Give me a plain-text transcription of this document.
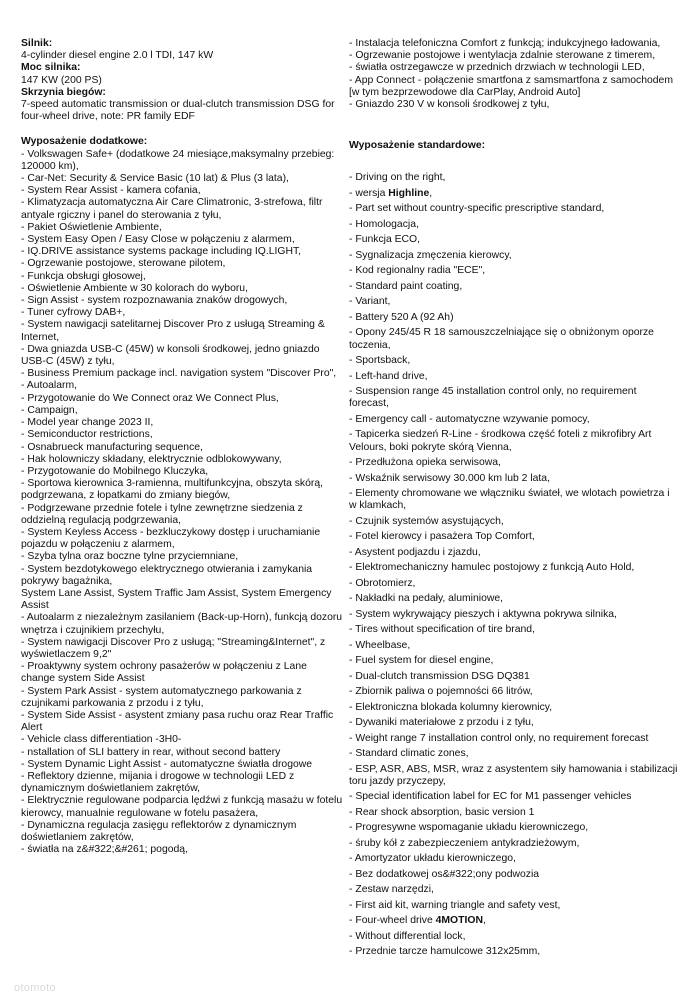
Silnik:
4-cylinder diesel engine 2.0 l TDI, 147 kW
Moc silnika:
147 KW (200 PS)
Skrzynia biegów:
7-speed automatic transmission or dual-clutch transmission DSG for four-wheel drive, note: PR family EDF
Wyposażenie dodatkowe:
- Volkswagen Safe+ (dodatkowe 24 miesiące,maksymalny przebieg: 120000 km),
- Car-Net: Security & Service Basic (10 lat) & Plus (3 lata),
- System Rear Assist - kamera cofania,
- Klimatyzacja automatyczna Air Care Climatronic, 3-strefowa, filtr antyale rgiczny i panel do sterowania z tyłu,
- Pakiet Oświetlenie Ambiente,
- System Easy Open / Easy Close w połączeniu z alarmem,
- IQ.DRIVE assistance systems package including IQ.LIGHT,
- Ogrzewanie postojowe, sterowane pilotem,
- Funkcja obsługi głosowej,
- Oświetlenie Ambiente w 30 kolorach do wyboru,
- Sign Assist - system rozpoznawania znaków drogowych,
- Tuner cyfrowy DAB+,
- System nawigacji satelitarnej Discover Pro z usługą Streaming & Internet,
- Dwa gniazda USB-C (45W) w konsoli środkowej, jedno gniazdo USB-C (45W) z tyłu,
- Business Premium package incl. navigation system "Discover Pro",
- Autoalarm,
- Przygotowanie do We Connect oraz We Connect Plus,
- Campaign,
- Model year change 2023 II,
- Semiconductor restrictions,
- Osnabrueck manufacturing sequence,
- Hak holowniczy składany, elektrycznie odblokowywany,
- Przygotowanie do Mobilnego Kluczyka,
- Sportowa kierownica 3-ramienna, multifunkcyjna, obszyta skórą, podgrzewana, z łopatkami do zmiany biegów,
- Podgrzewane przednie fotele i tylne zewnętrzne siedzenia z oddzielną regulacją podgrzewania,
- System Keyless Access - bezkluczykowy dostęp i uruchamianie pojazdu w połączeniu z alarmem,
- Szyba tylna oraz boczne tylne przyciemniane,
- System bezdotykowego elektrycznego otwierania i zamykania pokrywy bagażnika,
System Lane Assist, System Traffic Jam Assist, System Emergency Assist
- Autoalarm z niezależnym zasilaniem (Back-up-Horn), funkcją dozoru wnętrza i czujnikiem przechyłu,
- System nawigacji Discover Pro z usługą; "Streaming&Internet", z wyświetlaczem 9,2"
- Proaktywny system ochrony pasażerów w połączeniu z Lane change system Side Assist
- System Park Assist - system automatycznego parkowania z czujnikami parkowania z przodu i z tyłu,
- System Side Assist - asystent zmiany pasa ruchu oraz Rear Traffic Alert
- Vehicle class differentiation -3H0-
- nstallation of SLI battery in rear, without second battery
- System Dynamic Light Assist - automatyczne światła drogowe
- Reflektory dzienne, mijania i drogowe w technologii LED z dynamicznym doświetlaniem zakrętów,
- Elektrycznie regulowane podparcia lędźwi z funkcją masażu w fotelu kierowcy, manualnie regulowane w fotelu pasażera,
- Dynamiczna regulacja zasięgu reflektorów z dynamicznym doświetlaniem zakrętów,
- światła na z&#322;&#261; pogodą,
- Instalacja telefoniczna Comfort z funkcją; indukcyjnego ładowania,
- Ogrzewanie postojowe i wentylacja zdalnie sterowane z timerem,
- światła ostrzegawcze w przednich drzwiach w technologii LED,
- App Connect - połączenie smartfona z samsmartfona z samochodem [w tym bezprzewodowe dla CarPlay, Android Auto]
- Gniazdo 230 V w konsoli środkowej z tyłu,
Wyposażenie standardowe:
- Driving on the right,
- wersja Highline,
- Part set without country-specific prescriptive standard,
- Homologacja,
- Funkcja ECO,
- Sygnalizacja zmęczenia kierowcy,
- Kod regionalny radia "ECE",
- Standard paint coating,
- Variant,
- Battery 520 A (92 Ah)
- Opony 245/45 R 18 samouszczelniające się o obniżonym oporze toczenia,
- Sportsback,
- Left-hand drive,
- Suspension range 45 installation control only, no requirement forecast,
- Emergency call - automatyczne wzywanie pomocy,
- Tapicerka siedzeń R-Line - środkowa część foteli z mikrofibry Art Velours, boki pokryte skórą Vienna,
- Przedłużona opieka serwisowa,
- Wskaźnik serwisowy 30.000 km lub 2 lata,
- Elementy chromowane we włączniku świateł, we wlotach powietrza i w klamkach,
- Czujnik systemów asystujących,
- Fotel kierowcy i pasażera Top Comfort,
- Asystent podjazdu i zjazdu,
- Elektromechaniczny hamulec postojowy z funkcją Auto Hold,
- Obrotomierz,
- Nakładki na pedały, aluminiowe,
- System wykrywający pieszych i aktywna pokrywa silnika,
- Tires without specification of tire brand,
- Wheelbase,
- Fuel system for diesel engine,
- Dual-clutch transmission DSG DQ381
- Zbiornik paliwa o pojemności 66 litrów,
- Elektroniczna blokada kolumny kierownicy,
- Dywaniki materiałowe z przodu i z tyłu,
- Weight range 7 installation control only, no requirement forecast
- Standard climatic zones,
- ESP, ASR, ABS, MSR, wraz z asystentem siły hamowania i stabilizacji toru jazdy przyczepy,
- Special identification label for EC for M1 passenger vehicles
- Rear shock absorption, basic version 1
- Progresywne wspomaganie układu kierowniczego,
- śruby kół z zabezpieczeniem antykradzieżowym,
- Amortyzator układu kierowniczego,
- Bez dodatkowej os&#322;ony podwozia
- Zestaw narzędzi,
- First aid kit, warning triangle and safety vest,
- Four-wheel drive 4MOTION,
- Without differential lock,
- Przednie tarcze hamulcowe 312x25mm,
otomoto
